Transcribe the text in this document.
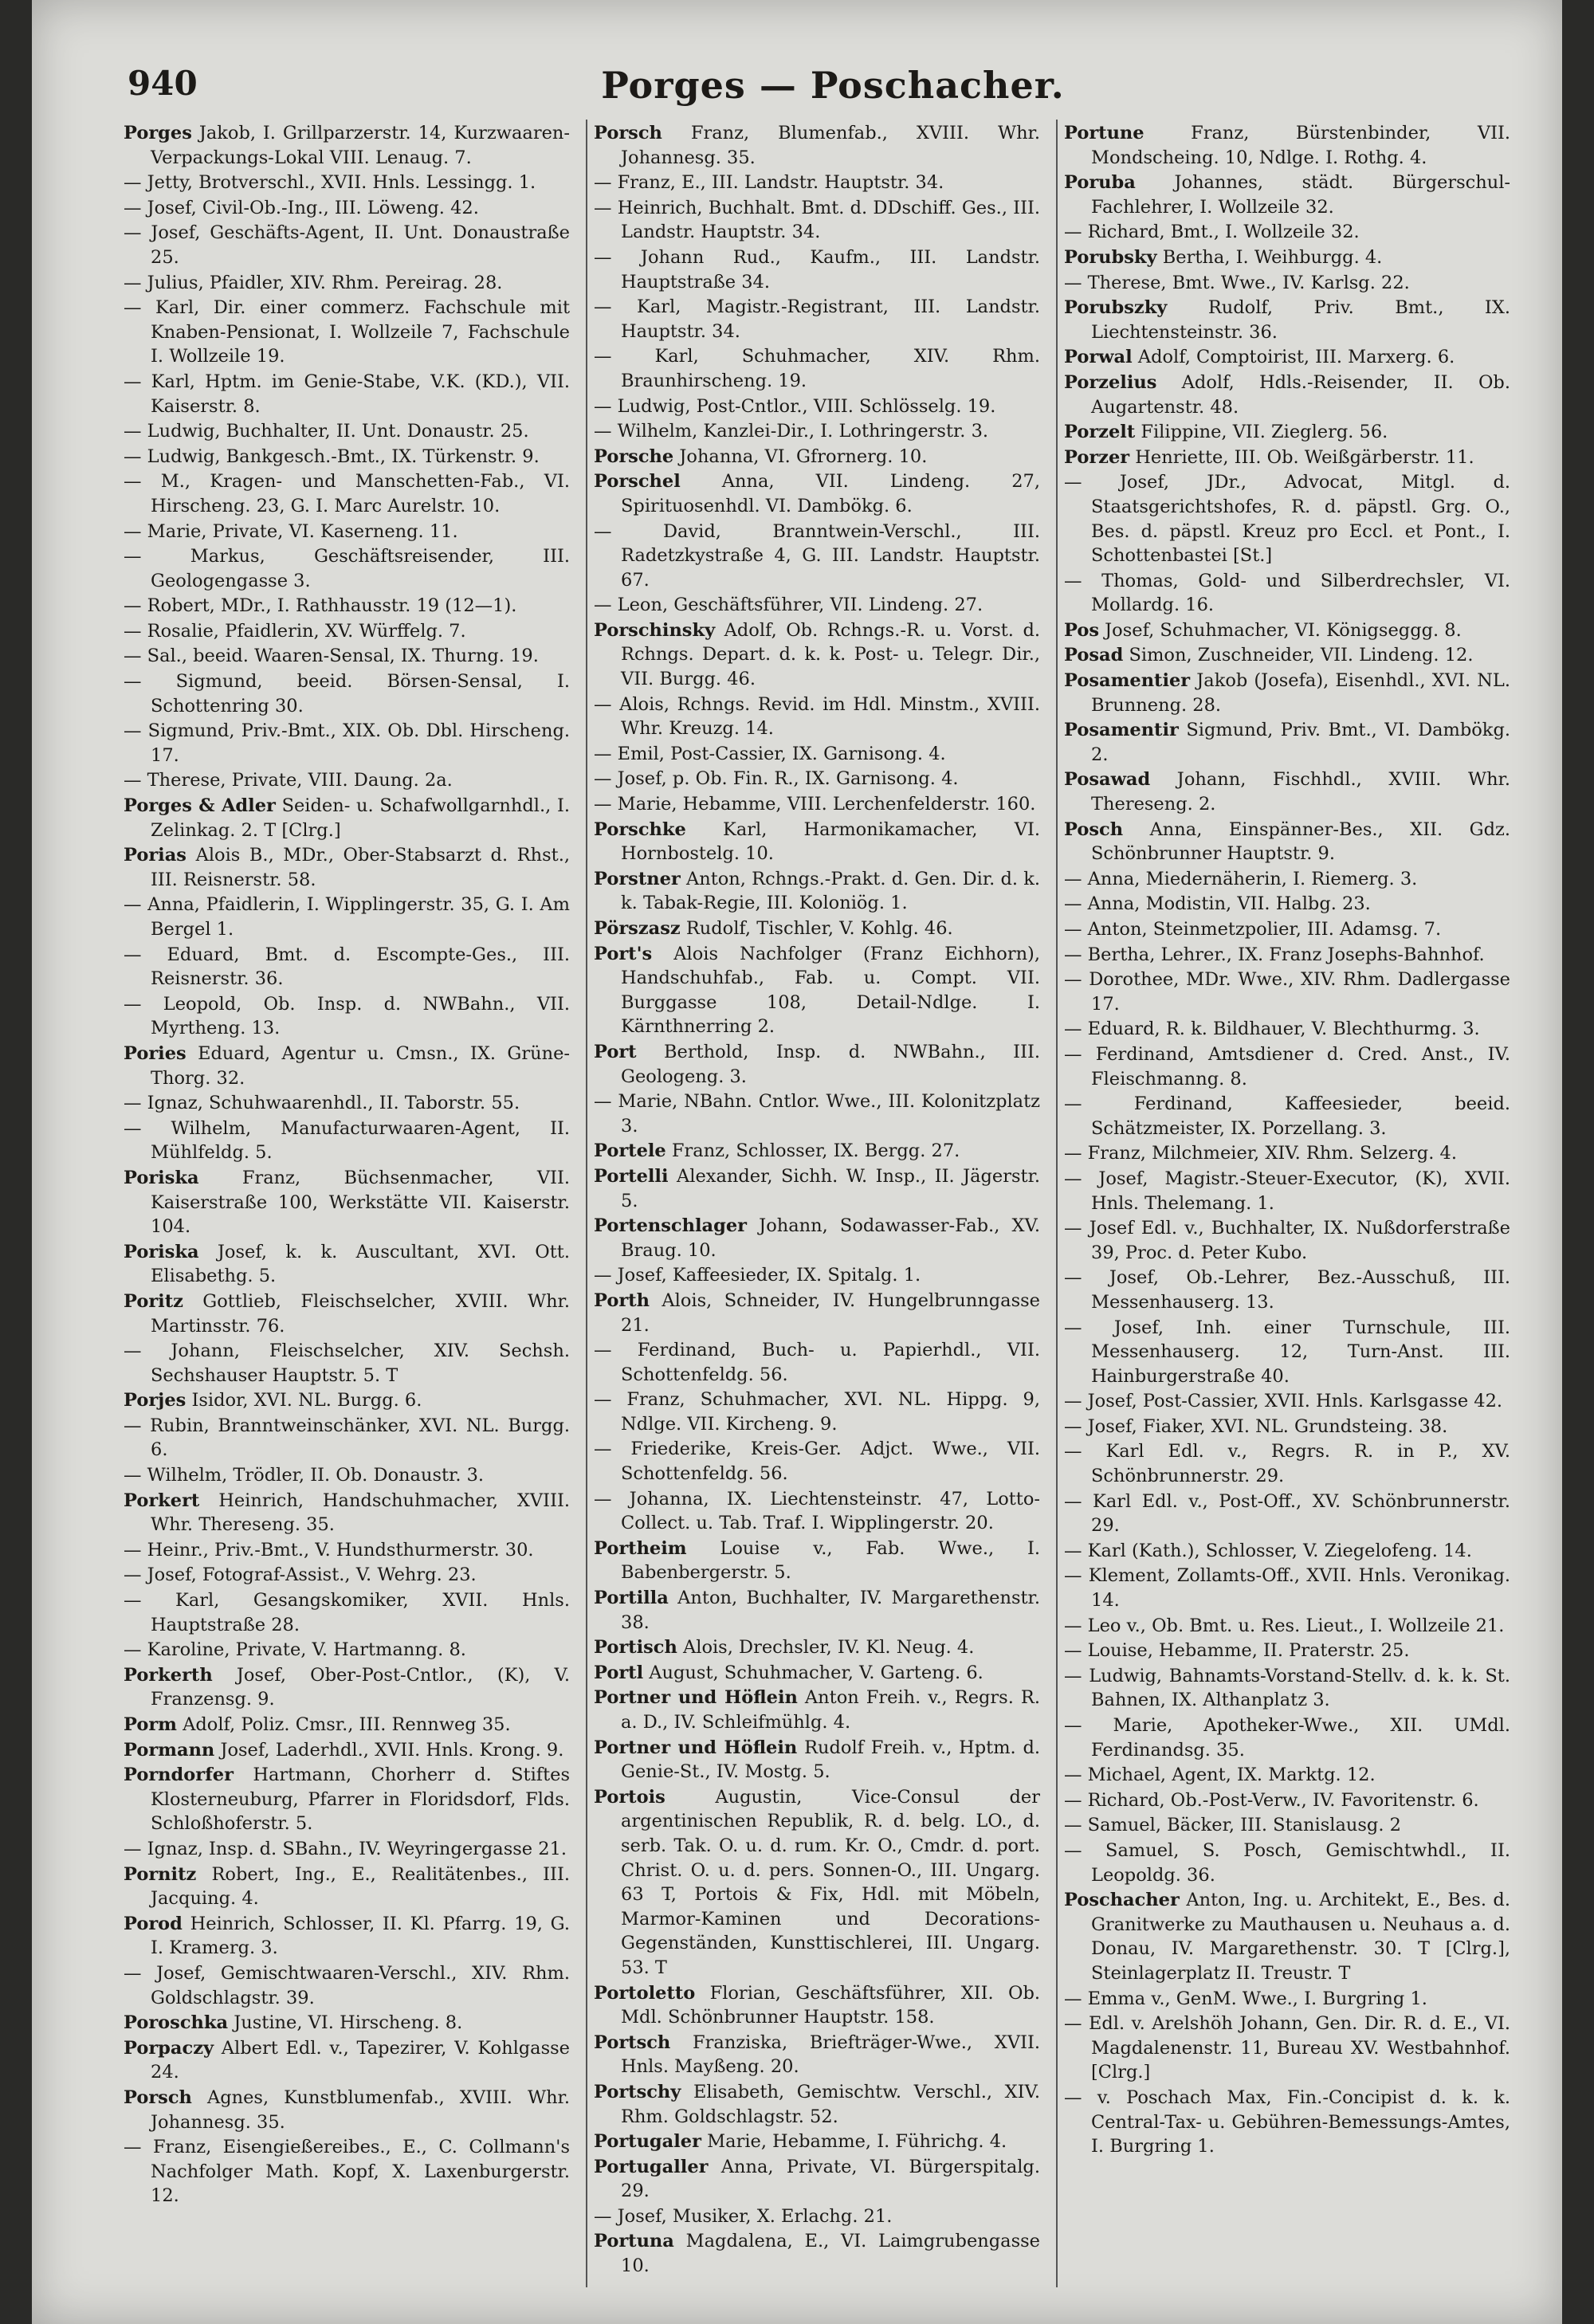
940	Porges — Poschacher.
Porges Jakob, I. Grillparzerstr. 14, Kurzwaaren-Verpackungs-Lokal VIII. Lenaug. 7.
— Jetty, Brotverschl., XVII. Hnls. Lessingg. 1.
— Josef, Civil-Ob.-Ing., III. Löweng. 42.
— Josef, Geschäfts-Agent, II. Unt. Donaustraße 25.
— Julius, Pfaidler, XIV. Rhm. Pereirag. 28.
— Karl, Dir. einer commerz. Fachschule mit Knaben-Pensionat, I. Wollzeile 7, Fachschule I. Wollzeile 19.
— Karl, Hptm. im Genie-Stabe, V.K. (KD.), VII. Kaiserstr. 8.
— Ludwig, Buchhalter, II. Unt. Donaustr. 25.
— Ludwig, Bankgesch.-Bmt., IX. Türkenstr. 9.
— M., Kragen- und Manschetten-Fab., VI. Hirscheng. 23, G. I. Marc Aurelstr. 10.
— Marie, Private, VI. Kaserneng. 11.
— Markus, Geschäftsreisender, III. Geologengasse 3.
— Robert, MDr., I. Rathhausstr. 19 (12—1).
— Rosalie, Pfaidlerin, XV. Würffelg. 7.
— Sal., beeid. Waaren-Sensal, IX. Thurng. 19.
— Sigmund, beeid. Börsen-Sensal, I. Schottenring 30.
— Sigmund, Priv.-Bmt., XIX. Ob. Dbl. Hirscheng. 17.
— Therese, Private, VIII. Daung. 2a.
Porges & Adler Seiden- u. Schafwollgarnhdl., I. Zelinkag. 2. T [Clrg.]
Porias Alois B., MDr., Ober-Stabsarzt d. Rhst., III. Reisnerstr. 58.
— Anna, Pfaidlerin, I. Wipplingerstr. 35, G. I. Am Bergel 1.
— Eduard, Bmt. d. Escompte-Ges., III. Reisnerstr. 36.
— Leopold, Ob. Insp. d. NWBahn., VII. Myrtheng. 13.
Pories Eduard, Agentur u. Cmsn., IX. Grüne-Thorg. 32.
— Ignaz, Schuhwaarenhdl., II. Taborstr. 55.
— Wilhelm, Manufacturwaaren-Agent, II. Mühlfeldg. 5.
Poriska Franz, Büchsenmacher, VII. Kaiserstraße 100, Werkstätte VII. Kaiserstr. 104.
Poriska Josef, k. k. Auscultant, XVI. Ott. Elisabethg. 5.
Poritz Gottlieb, Fleischselcher, XVIII. Whr. Martinsstr. 76.
— Johann, Fleischselcher, XIV. Sechsh. Sechshauser Hauptstr. 5. T
Porjes Isidor, XVI. NL. Burgg. 6.
— Rubin, Branntweinschänker, XVI. NL. Burgg. 6.
— Wilhelm, Trödler, II. Ob. Donaustr. 3.
Porkert Heinrich, Handschuhmacher, XVIII. Whr. Thereseng. 35.
— Heinr., Priv.-Bmt., V. Hundsthurmerstr. 30.
— Josef, Fotograf-Assist., V. Wehrg. 23.
— Karl, Gesangskomiker, XVII. Hnls. Hauptstraße 28.
— Karoline, Private, V. Hartmanng. 8.
Porkerth Josef, Ober-Post-Cntlor., (K), V. Franzensg. 9.
Porm Adolf, Poliz. Cmsr., III. Rennweg 35.
Pormann Josef, Laderhdl., XVII. Hnls. Krong. 9.
Porndorfer Hartmann, Chorherr d. Stiftes Klosterneuburg, Pfarrer in Floridsdorf, Flds. Schloßhoferstr. 5.
— Ignaz, Insp. d. SBahn., IV. Weyringergasse 21.
Pornitz Robert, Ing., E., Realitätenbes., III. Jacquing. 4.
Porod Heinrich, Schlosser, II. Kl. Pfarrg. 19, G. I. Kramerg. 3.
— Josef, Gemischtwaaren-Verschl., XIV. Rhm. Goldschlagstr. 39.
Poroschka Justine, VI. Hirscheng. 8.
Porpaczy Albert Edl. v., Tapezirer, V. Kohlgasse 24.
Porsch Agnes, Kunstblumenfab., XVIII. Whr. Johannesg. 35.
— Franz, Eisengießereibes., E., C. Collmann's Nachfolger Math. Kopf, X. Laxenburgerstr. 12.
Porsch Franz, Blumenfab., XVIII. Whr. Johannesg. 35.
— Franz, E., III. Landstr. Hauptstr. 34.
— Heinrich, Buchhalt. Bmt. d. DDschiff. Ges., III. Landstr. Hauptstr. 34.
— Johann Rud., Kaufm., III. Landstr. Hauptstraße 34.
— Karl, Magistr.-Registrant, III. Landstr. Hauptstr. 34.
— Karl, Schuhmacher, XIV. Rhm. Braunhirscheng. 19.
— Ludwig, Post-Cntlor., VIII. Schlösselg. 19.
— Wilhelm, Kanzlei-Dir., I. Lothringerstr. 3.
Porsche Johanna, VI. Gfrornerg. 10.
Porschel Anna, VII. Lindeng. 27, Spirituosenhdl. VI. Dambökg. 6.
— David, Branntwein-Verschl., III. Radetzkystraße 4, G. III. Landstr. Hauptstr. 67.
— Leon, Geschäftsführer, VII. Lindeng. 27.
Porschinsky Adolf, Ob. Rchngs.-R. u. Vorst. d. Rchngs. Depart. d. k. k. Post- u. Telegr. Dir., VII. Burgg. 46.
— Alois, Rchngs. Revid. im Hdl. Minstm., XVIII. Whr. Kreuzg. 14.
— Emil, Post-Cassier, IX. Garnisong. 4.
— Josef, p. Ob. Fin. R., IX. Garnisong. 4.
— Marie, Hebamme, VIII. Lerchenfelderstr. 160.
Porschke Karl, Harmonikamacher, VI. Hornbostelg. 10.
Porstner Anton, Rchngs.-Prakt. d. Gen. Dir. d. k. k. Tabak-Regie, III. Koloniög. 1.
Pörszasz Rudolf, Tischler, V. Kohlg. 46.
Port's Alois Nachfolger (Franz Eichhorn), Handschuhfab., Fab. u. Compt. VII. Burggasse 108, Detail-Ndlge. I. Kärnthnerring 2.
Port Berthold, Insp. d. NWBahn., III. Geologeng. 3.
— Marie, NBahn. Cntlor. Wwe., III. Kolonitzplatz 3.
Portele Franz, Schlosser, IX. Bergg. 27.
Portelli Alexander, Sichh. W. Insp., II. Jägerstr. 5.
Portenschlager Johann, Sodawasser-Fab., XV. Braug. 10.
— Josef, Kaffeesieder, IX. Spitalg. 1.
Porth Alois, Schneider, IV. Hungelbrunngasse 21.
— Ferdinand, Buch- u. Papierhdl., VII. Schottenfeldg. 56.
— Franz, Schuhmacher, XVI. NL. Hippg. 9, Ndlge. VII. Kircheng. 9.
— Friederike, Kreis-Ger. Adjct. Wwe., VII. Schottenfeldg. 56.
— Johanna, IX. Liechtensteinstr. 47, Lotto-Collect. u. Tab. Traf. I. Wipplingerstr. 20.
Portheim Louise v., Fab. Wwe., I. Babenbergerstr. 5.
Portilla Anton, Buchhalter, IV. Margarethenstr. 38.
Portisch Alois, Drechsler, IV. Kl. Neug. 4.
Portl August, Schuhmacher, V. Garteng. 6.
Portner und Höflein Anton Freih. v., Regrs. R. a. D., IV. Schleifmühlg. 4.
Portner und Höflein Rudolf Freih. v., Hptm. d. Genie-St., IV. Mostg. 5.
Portois	Augustin, Vice-Consul der argentinischen Republik, R. d. belg. LO., d. serb. Tak. O. u. d. rum. Kr. O., Cmdr. d. port. Christ. O. u. d. pers. Sonnen-O., III. Ungarg. 63 T, Portois & Fix, Hdl. mit Möbeln, Marmor-Kaminen und Decorations-Gegenständen, Kunsttischlerei, III. Ungarg. 53. T
Portoletto Florian, Geschäftsführer, XII. Ob. Mdl. Schönbrunner Hauptstr. 158.
Portsch Franziska, Briefträger-Wwe., XVII. Hnls. Mayßeng. 20.
Portschy Elisabeth, Gemischtw. Verschl., XIV. Rhm. Goldschlagstr. 52.
Portugaler Marie, Hebamme, I. Führichg. 4.
Portugaller Anna, Private, VI. Bürgerspitalg. 29.
— Josef, Musiker, X. Erlachg. 21.
Portuna Magdalena, E., VI. Laimgrubengasse 10.
Portune	Franz, Bürstenbinder, VII. Mondscheing. 10, Ndlge. I. Rothg. 4.
Poruba Johannes, städt. Bürgerschul-Fachlehrer, I. Wollzeile 32.
— Richard, Bmt., I. Wollzeile 32.
Porubsky Bertha, I. Weihburgg. 4.
— Therese, Bmt. Wwe., IV. Karlsg. 22.
Porubszky Rudolf, Priv. Bmt., IX. Liechtensteinstr. 36.
Porwal Adolf, Comptoirist, III. Marxerg. 6.
Porzelius Adolf, Hdls.-Reisender, II. Ob. Augartenstr. 48.
Porzelt Filippine, VII. Zieglerg. 56.
Porzer Henriette, III. Ob. Weißgärberstr. 11.
— Josef, JDr., Advocat, Mitgl. d. Staatsgerichtshofes, R. d. päpstl. Grg. O., Bes. d. päpstl. Kreuz pro Eccl. et Pont., I. Schottenbastei [St.]
— Thomas, Gold- und Silberdrechsler, VI. Mollardg. 16.
Pos Josef, Schuhmacher, VI. Königseggg. 8.
Posad Simon, Zuschneider, VII. Lindeng. 12.
Posamentier Jakob (Josefa), Eisenhdl., XVI. NL. Brunneng. 28.
Posamentir Sigmund, Priv. Bmt., VI. Dambökg. 2.
Posawad Johann, Fischhdl., XVIII. Whr. Thereseng. 2.
Posch Anna, Einspänner-Bes., XII. Gdz. Schönbrunner Hauptstr. 9.
— Anna, Miedernäherin, I. Riemerg. 3.
— Anna, Modistin, VII. Halbg. 23.
— Anton, Steinmetzpolier, III. Adamsg. 7.
— Bertha, Lehrer., IX. Franz Josephs-Bahnhof.
— Dorothee, MDr. Wwe., XIV. Rhm. Dadlergasse 17.
— Eduard, R. k. Bildhauer, V. Blechthurmg. 3.
— Ferdinand, Amtsdiener d. Cred. Anst., IV. Fleischmanng. 8.
— Ferdinand, Kaffeesieder, beeid. Schätzmeister, IX. Porzellang. 3.
— Franz, Milchmeier, XIV. Rhm. Selzerg. 4.
— Josef, Magistr.-Steuer-Executor, (K), XVII. Hnls. Thelemang. 1.
— Josef Edl. v., Buchhalter, IX. Nußdorferstraße 39, Proc. d. Peter Kubo.
— Josef, Ob.-Lehrer, Bez.-Ausschuß, III. Messenhauserg. 13.
— Josef, Inh. einer Turnschule, III. Messenhauserg. 12, Turn-Anst. III. Hainburgerstraße 40.
— Josef, Post-Cassier, XVII. Hnls. Karlsgasse 42.
— Josef, Fiaker, XVI. NL. Grundsteing. 38.
— Karl Edl. v., Regrs. R. in P., XV. Schönbrunnerstr. 29.
— Karl Edl. v., Post-Off., XV. Schönbrunnerstr. 29.
— Karl (Kath.), Schlosser, V. Ziegelofeng. 14.
— Klement, Zollamts-Off., XVII. Hnls. Veronikag. 14.
— Leo v., Ob. Bmt. u. Res. Lieut., I. Wollzeile 21.
— Louise, Hebamme, II. Praterstr. 25.
— Ludwig, Bahnamts-Vorstand-Stellv. d. k. k. St. Bahnen, IX. Althanplatz 3.
— Marie, Apotheker-Wwe., XII. UMdl. Ferdinandsg. 35.
— Michael, Agent, IX. Marktg. 12.
— Richard, Ob.-Post-Verw., IV. Favoritenstr. 6.
— Samuel, Bäcker, III. Stanislausg. 2
— Samuel, S. Posch, Gemischtwhdl., II. Leopoldg. 36.
Poschacher Anton, Ing. u. Architekt, E., Bes. d. Granitwerke zu Mauthausen u. Neuhaus a. d. Donau, IV. Margarethenstr. 30. T [Clrg.], Steinlagerplatz II. Treustr. T
— Emma v., GenM. Wwe., I. Burgring 1.
— Edl. v. Arelshöh Johann, Gen. Dir. R. d. E., VI. Magdalenenstr. 11, Bureau XV. Westbahnhof. [Clrg.]
— v. Poschach Max, Fin.-Concipist d. k. k. Central-Tax- u. Gebühren-Bemessungs-Amtes, I. Burgring 1.
